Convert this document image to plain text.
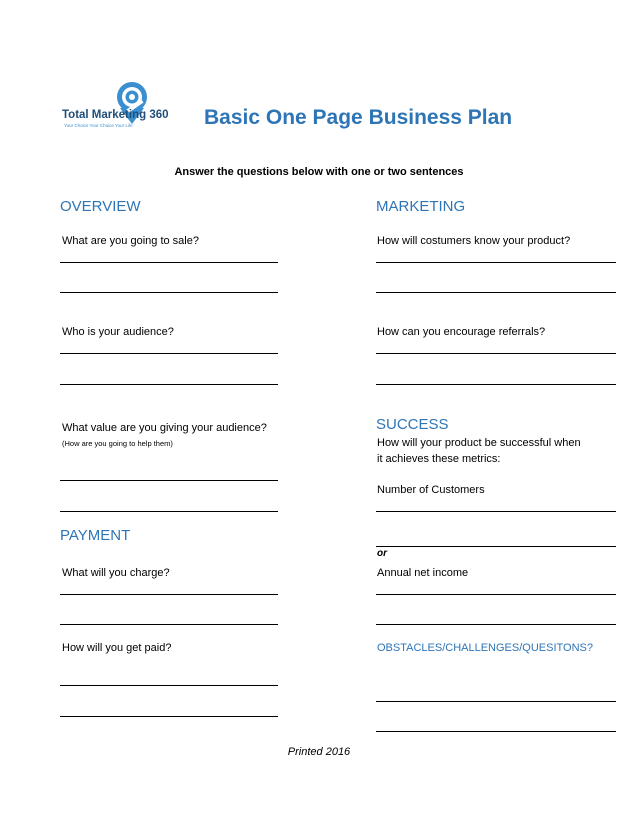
Total Marketing 360
Your Choice Your Choice Your Life	Basic One Page Business Plan
Answer the questions below with one or two sentences
OVERVIEW
What are you going to sale?
Who is your audience?
What value are you giving your audience?
(How are you going to help them)
PAYMENT
What will you charge?
How will you get paid?
MARKETING
How will costumers know your product?
How can you encourage referrals?
SUCCESS
How will your product be successful when
it achieves these metrics:
Number of Customers
or
Annual net income
OBSTACLES/CHALLENGES/QUESITONS?
Printed 2016
